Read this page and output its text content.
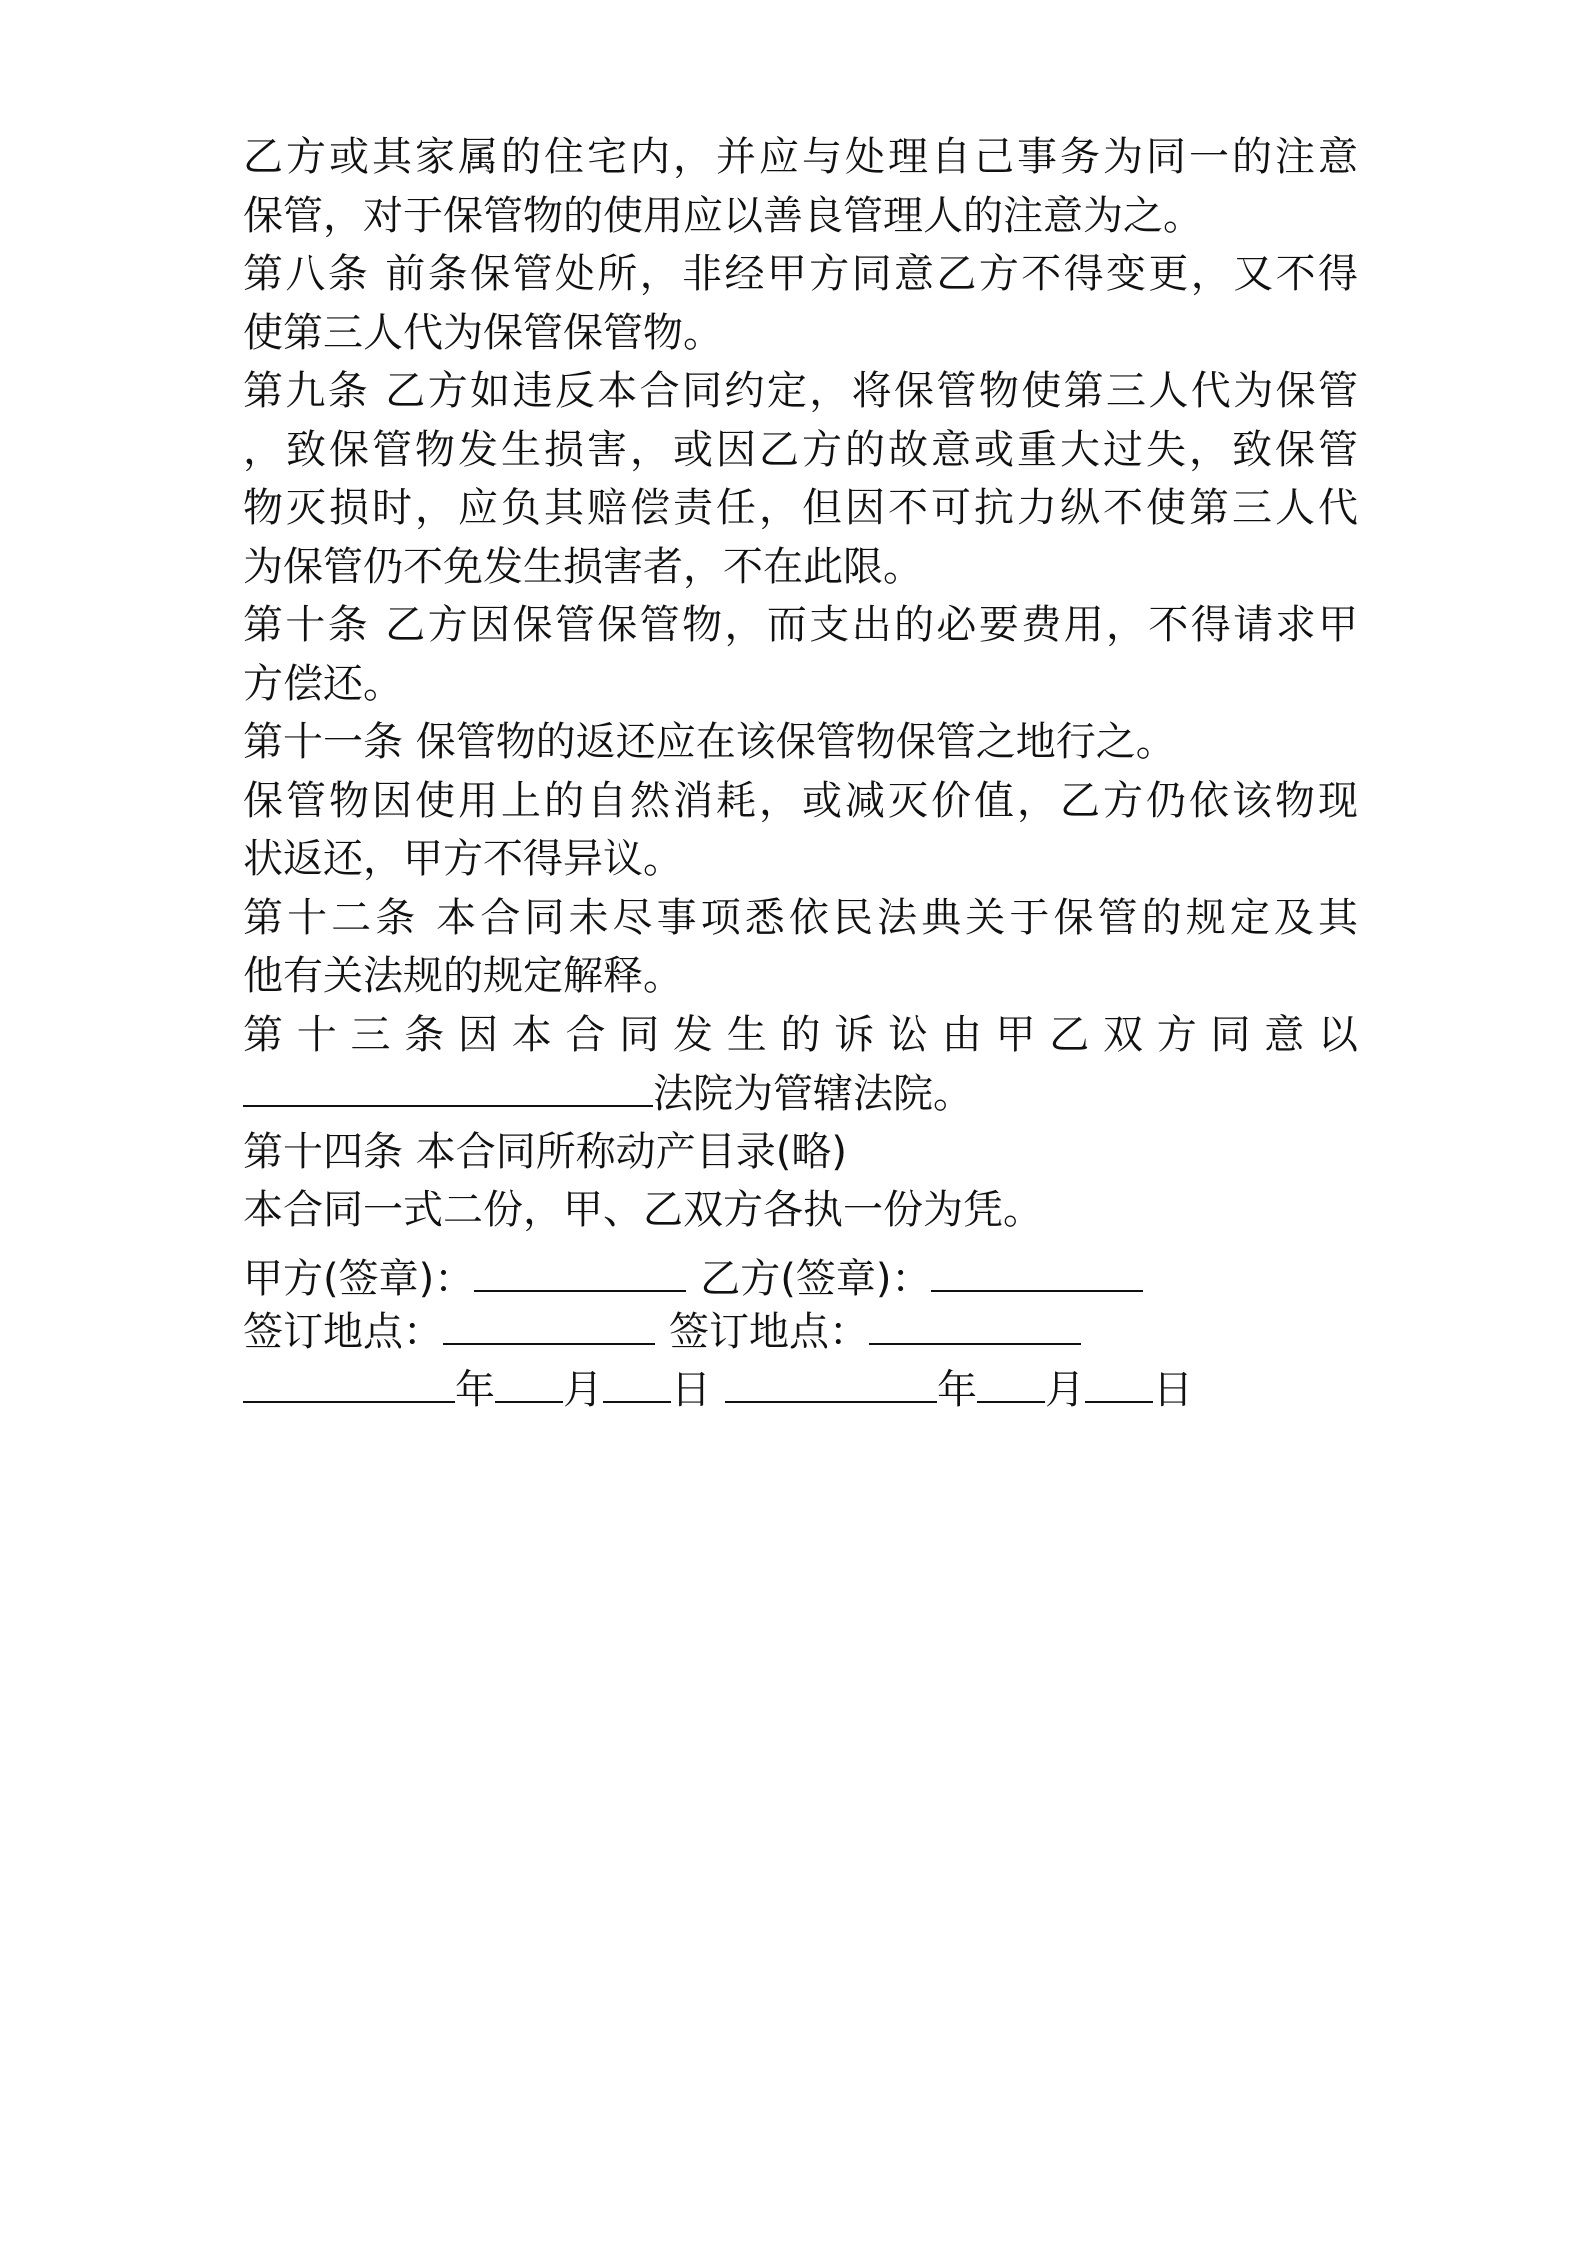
乙方或其家属的住宅内，并应与处理自己事务为同一的注意
保管，对于保管物的使用应以善良管理人的注意为之。
第八条 前条保管处所，非经甲方同意乙方不得变更，又不得
使第三人代为保管保管物。
第九条 乙方如违反本合同约定，将保管物使第三人代为保管
，致保管物发生损害，或因乙方的故意或重大过失，致保管
物灭损时，应负其赔偿责任，但因不可抗力纵不使第三人代
为保管仍不免发生损害者，不在此限。
第十条 乙方因保管保管物，而支出的必要费用，不得请求甲
方偿还。
第十一条 保管物的返还应在该保管物保管之地行之。
保管物因使用上的自然消耗，或减灭价值，乙方仍依该物现
状返还，甲方不得异议。
第十二条 本合同未尽事项悉依民法典关于保管的规定及其
他有关法规的规定解释。
第十三条因本合同发生的诉讼由甲乙双方同意以
法院为管辖法院。
第十四条 本合同所称动产目录(略)
本合同一式二份，甲、乙双方各执一份为凭。
甲方(签章)：	乙方(签章)：
签订地点：	签订地点：
年 月 日	年 月 日
